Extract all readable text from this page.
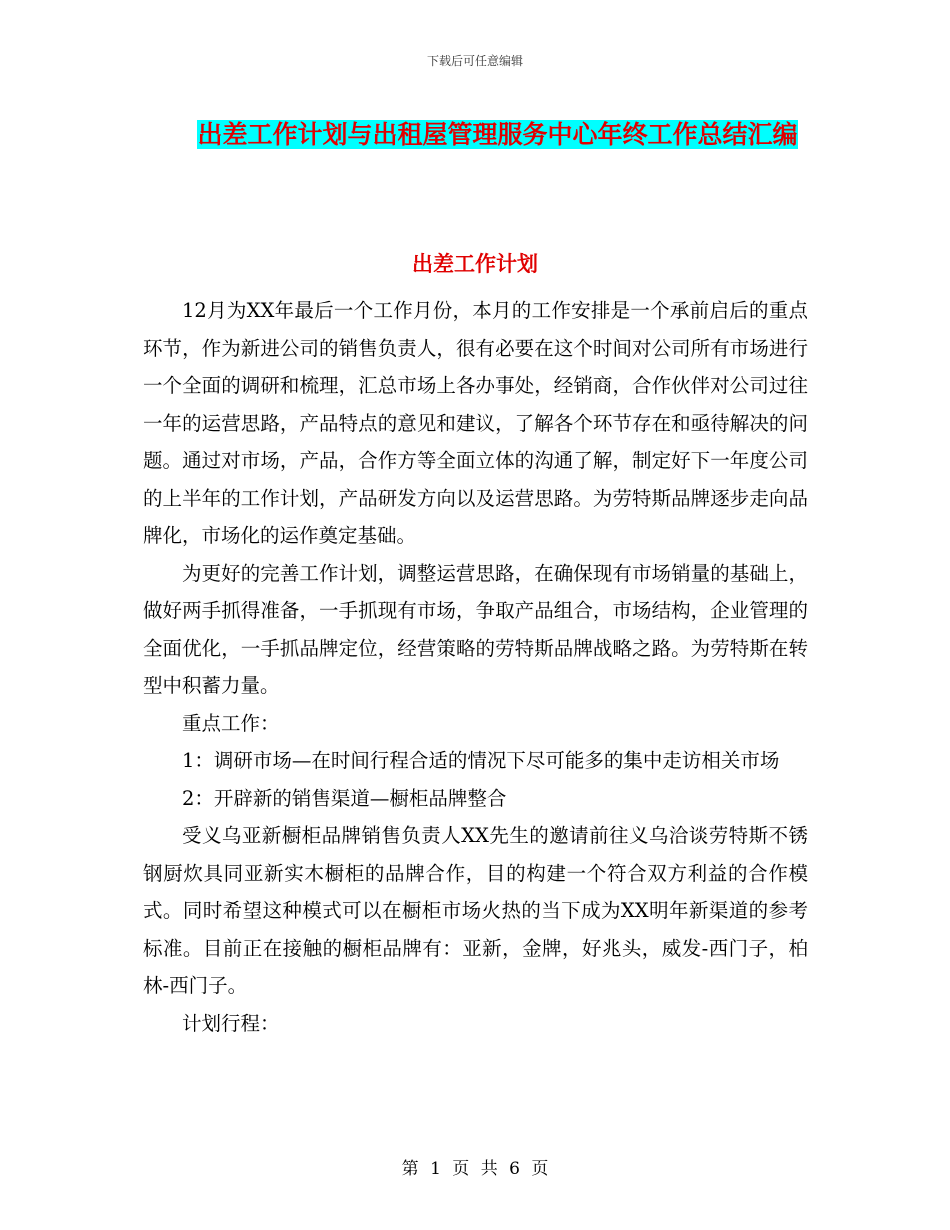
下载后可任意编辑
出差工作计划与出租屋管理服务中心年终工作总结汇编
出差工作计划

12月为XX年最后一个工作月份，本月的工作安排是一个承前启后的重点环节，作为新进公司的销售负责人，很有必要在这个时间对公司所有市场进行一个全面的调研和梳理，汇总市场上各办事处，经销商，合作伙伴对公司过往一年的运营思路，产品特点的意见和建议，了解各个环节存在和亟待解决的问题。通过对市场，产品，合作方等全面立体的沟通了解，制定好下一年度公司的上半年的工作计划，产品研发方向以及运营思路。为劳特斯品牌逐步走向品牌化，市场化的运作奠定基础。

为更好的完善工作计划，调整运营思路，在确保现有市场销量的基础上，做好两手抓得准备，一手抓现有市场，争取产品组合，市场结构，企业管理的全面优化，一手抓品牌定位，经营策略的劳特斯品牌战略之路。为劳特斯在转型中积蓄力量。

重点工作：

1：调研市场—在时间行程合适的情况下尽可能多的集中走访相关市场

2：开辟新的销售渠道—橱柜品牌整合

受义乌亚新橱柜品牌销售负责人XX先生的邀请前往义乌洽谈劳特斯不锈钢厨炊具同亚新实木橱柜的品牌合作，目的构建一个符合双方利益的合作模式。同时希望这种模式可以在橱柜市场火热的当下成为XX明年新渠道的参考标准。目前正在接触的橱柜品牌有：亚新，金牌，好兆头，威发-西门子，柏林-西门子。

计划行程：

第 1 页 共 6 页
